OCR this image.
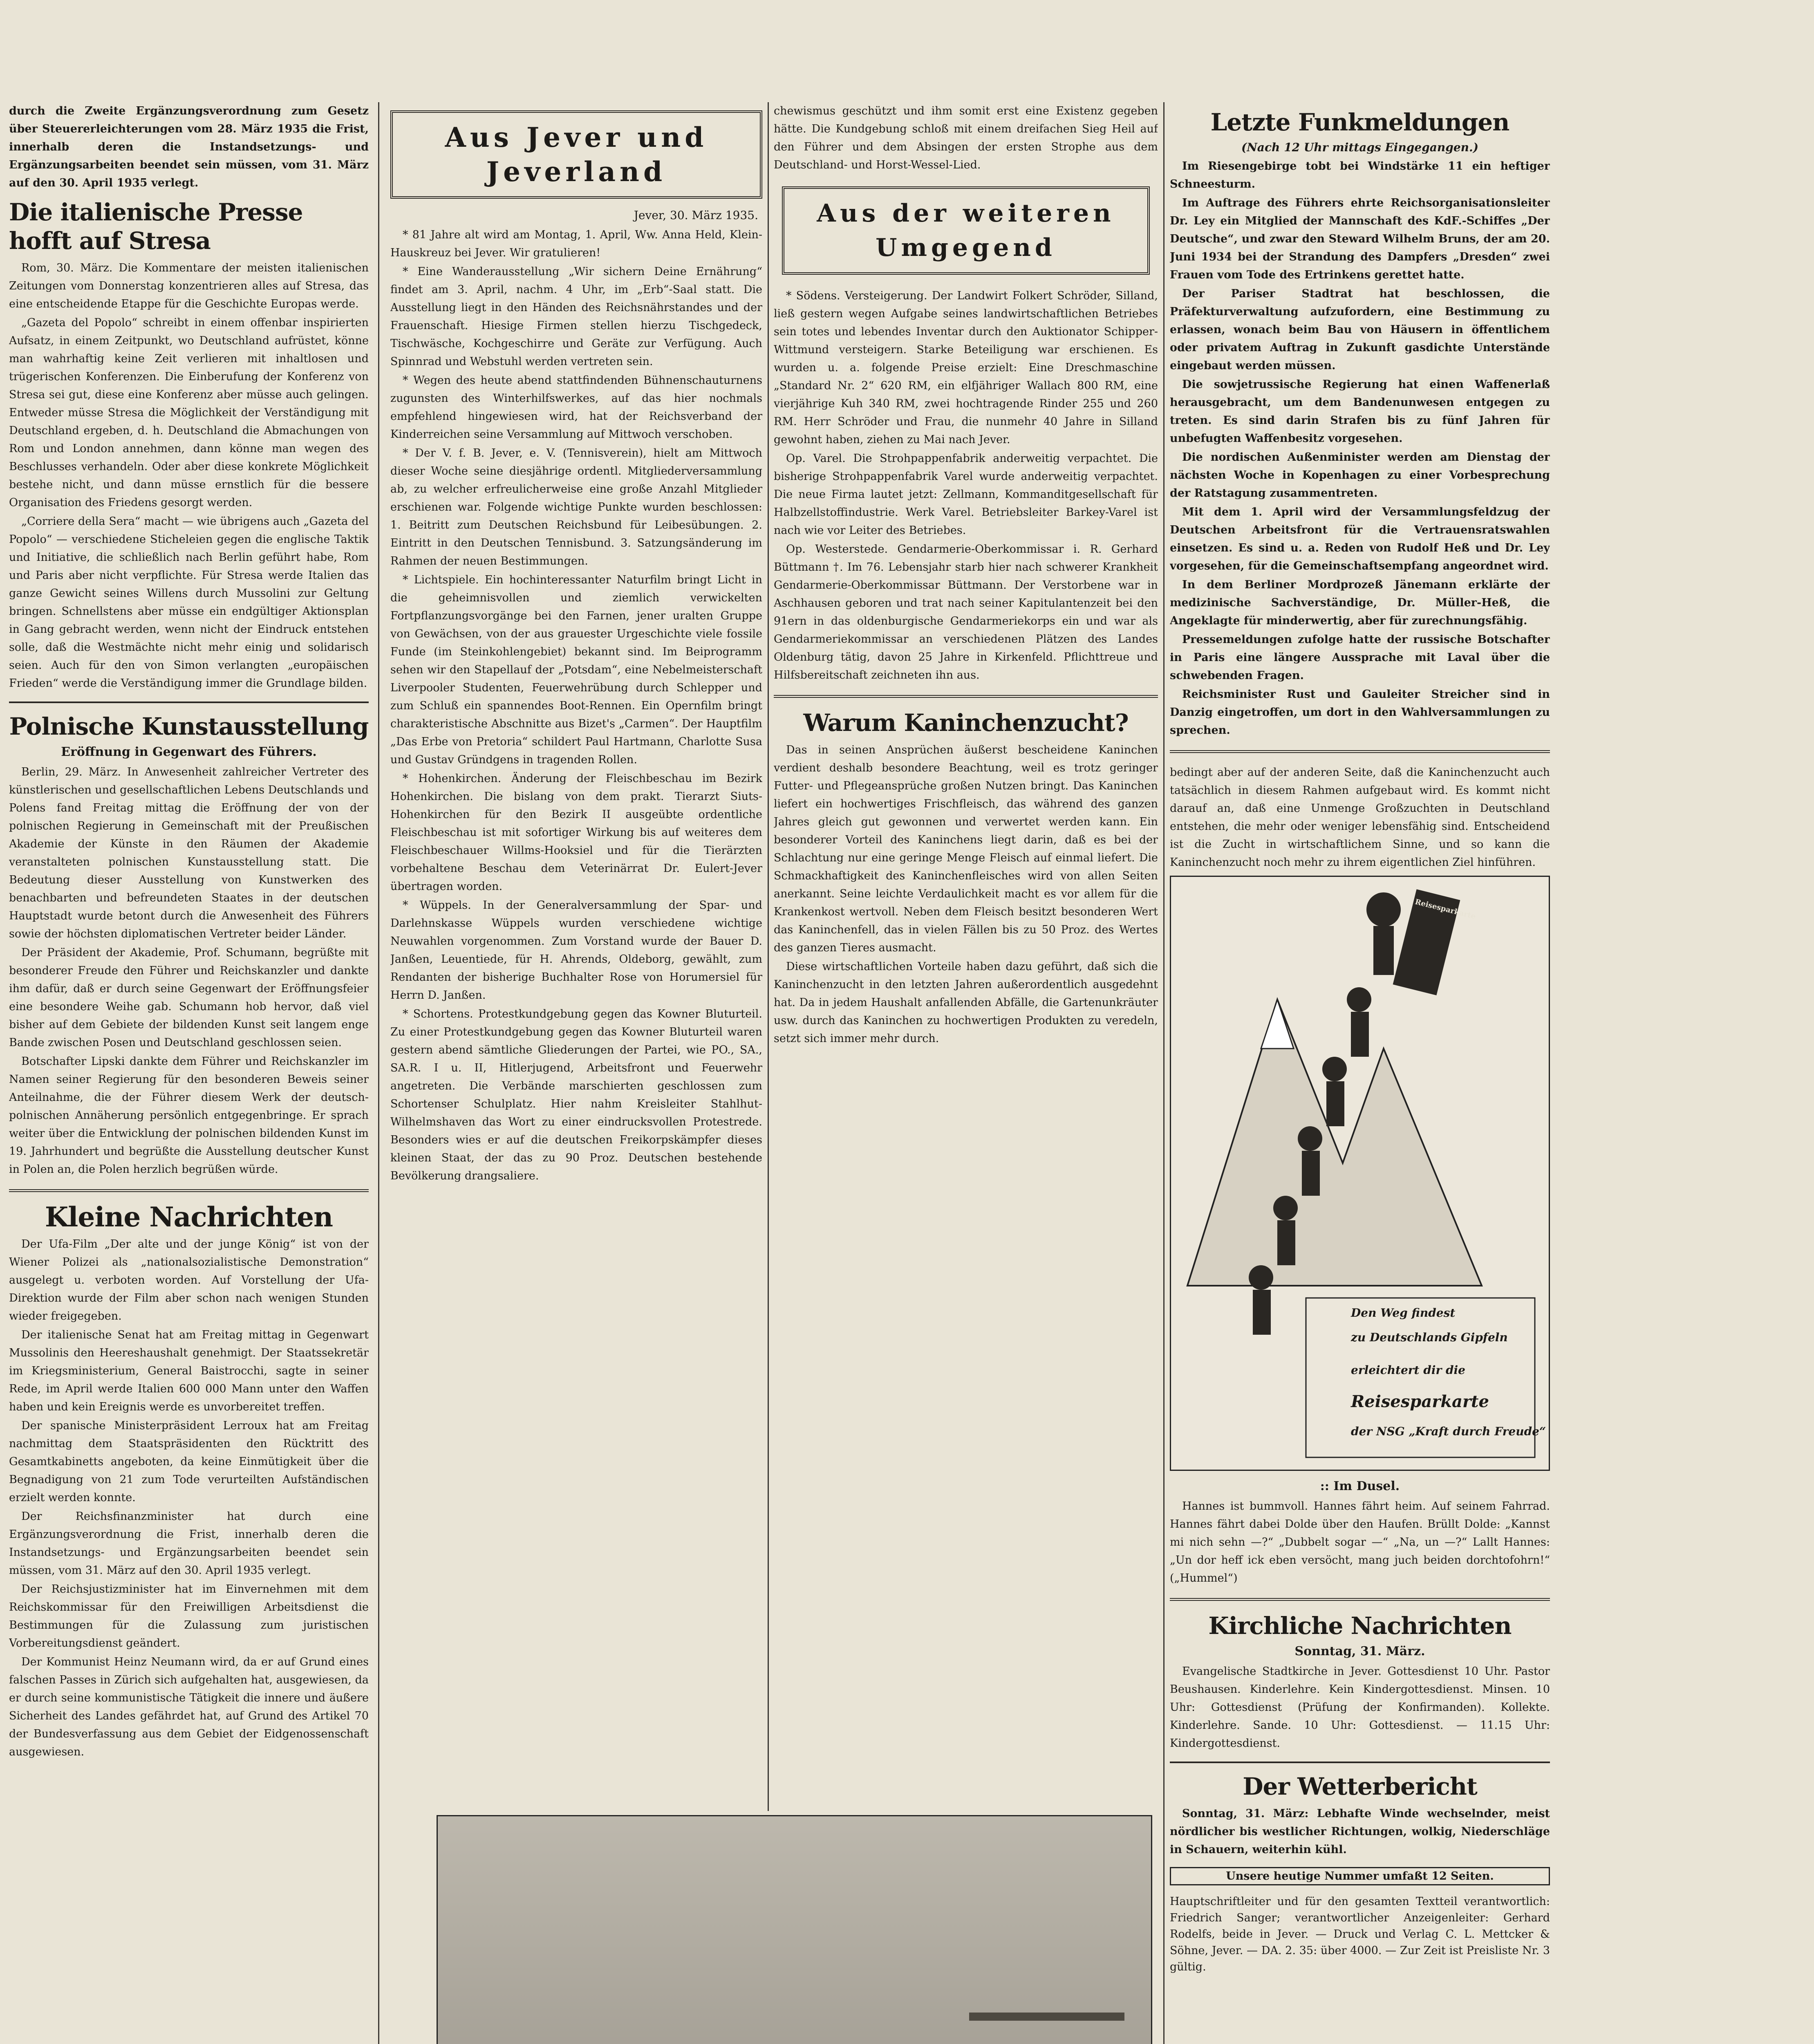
durch die Zweite Ergänzungsverordnung zum Gesetz über Steuererleichterungen vom 28. März 1935 die Frist, innerhalb deren die Instandsetzungs- und Ergänzungsarbeiten beendet sein müssen, vom 31. März auf den 30. April 1935 verlegt.

Die italienische Presse hofft auf Stresa

Rom, 30. März. Die Kommentare der meisten italienischen Zeitungen vom Donnerstag konzentrieren alles auf Stresa, das eine entscheidende Etappe für die Geschichte Europas werde.

„Gazeta del Popolo“ schreibt in einem offenbar inspirierten Aufsatz, in einem Zeitpunkt, wo Deutschland aufrüstet, könne man wahrhaftig keine Zeit verlieren mit inhaltlosen und trügerischen Konferenzen. Die Einberufung der Konferenz von Stresa sei gut, diese eine Konferenz aber müsse auch gelingen. Entweder müsse Stresa die Möglichkeit der Verständigung mit Deutschland ergeben, d. h. Deutschland die Abmachungen von Rom und London annehmen, dann könne man wegen des Beschlusses verhandeln. Oder aber diese konkrete Möglichkeit bestehe nicht, und dann müsse ernstlich für die bessere Organisation des Friedens gesorgt werden.

„Corriere della Sera“ macht — wie übrigens auch „Gazeta del Popolo“ — verschiedene Sticheleien gegen die englische Taktik und Initiative, die schließlich nach Berlin geführt habe, Rom und Paris aber nicht verpflichte. Für Stresa werde Italien das ganze Gewicht seines Willens durch Mussolini zur Geltung bringen. Schnellstens aber müsse ein endgültiger Aktionsplan in Gang gebracht werden, wenn nicht der Eindruck entstehen solle, daß die Westmächte nicht mehr einig und solidarisch seien. Auch für den von Simon verlangten „europäischen Frieden“ werde die Verständigung immer die Grundlage bilden.

Polnische Kunstausstellung
Eröffnung in Gegenwart des Führers.

Berlin, 29. März. In Anwesenheit zahlreicher Vertreter des künstlerischen und gesellschaftlichen Lebens Deutschlands und Polens fand Freitag mittag die Eröffnung der von der polnischen Regierung in Gemeinschaft mit der Preußischen Akademie der Künste in den Räumen der Akademie veranstalteten polnischen Kunstausstellung statt. Die Bedeutung dieser Ausstellung von Kunstwerken des benachbarten und befreundeten Staates in der deutschen Hauptstadt wurde betont durch die Anwesenheit des Führers sowie der höchsten diplomatischen Vertreter beider Länder.

Der Präsident der Akademie, Prof. Schumann, begrüßte mit besonderer Freude den Führer und Reichskanzler und dankte ihm dafür, daß er durch seine Gegenwart der Eröffnungsfeier eine besondere Weihe gab. Schumann hob hervor, daß viel bisher auf dem Gebiete der bildenden Kunst seit langem enge Bande zwischen Posen und Deutschland geschlossen seien.

Botschafter Lipski dankte dem Führer und Reichskanzler im Namen seiner Regierung für den besonderen Beweis seiner Anteilnahme, die der Führer diesem Werk der deutsch-polnischen Annäherung persönlich entgegenbringe. Er sprach weiter über die Entwicklung der polnischen bildenden Kunst im 19. Jahrhundert und begrüßte die Ausstellung deutscher Kunst in Polen an, die Polen herzlich begrüßen würde.

Kleine Nachrichten

Der Ufa-Film „Der alte und der junge König“ ist von der Wiener Polizei als „nationalsozialistische Demonstration“ ausgelegt u. verboten worden. Auf Vorstellung der Ufa-Direktion wurde der Film aber schon nach wenigen Stunden wieder freigegeben.

Der italienische Senat hat am Freitag mittag in Gegenwart Mussolinis den Heereshaushalt genehmigt. Der Staatssekretär im Kriegsministerium, General Baistrocchi, sagte in seiner Rede, im April werde Italien 600 000 Mann unter den Waffen haben und kein Ereignis werde es unvorbereitet treffen.

Der spanische Ministerpräsident Lerroux hat am Freitag nachmittag dem Staatspräsidenten den Rücktritt des Gesamtkabinetts angeboten, da keine Einmütigkeit über die Begnadigung von 21 zum Tode verurteilten Aufständischen erzielt werden konnte.

Der Reichsfinanzminister hat durch eine Ergänzungsverordnung die Frist, innerhalb deren die Instandsetzungs- und Ergänzungsarbeiten beendet sein müssen, vom 31. März auf den 30. April 1935 verlegt.

Der Reichsjustizminister hat im Einvernehmen mit dem Reichskommissar für den Freiwilligen Arbeitsdienst die Bestimmungen für die Zulassung zum juristischen Vorbereitungsdienst geändert.

Der Kommunist Heinz Neumann wird, da er auf Grund eines falschen Passes in Zürich sich aufgehalten hat, ausgewiesen, da er durch seine kommunistische Tätigkeit die innere und äußere Sicherheit des Landes gefährdet hat, auf Grund des Artikel 70 der Bundesverfassung aus dem Gebiet der Eidgenossenschaft ausgewiesen.

Aus Jever und Jeverland
Jever, 30. März 1935.

* 81 Jahre alt wird am Montag, 1. April, Ww. Anna Held, Klein-Hauskreuz bei Jever. Wir gratulieren!

* Eine Wanderausstellung „Wir sichern Deine Ernährung“ findet am 3. April, nachm. 4 Uhr, im „Erb“-Saal statt. Die Ausstellung liegt in den Händen des Reichsnährstandes und der Frauenschaft. Hiesige Firmen stellen hierzu Tischgedeck, Tischwäsche, Kochgeschirre und Geräte zur Verfügung. Auch Spinnrad und Webstuhl werden vertreten sein.

* Wegen des heute abend stattfindenden Bühnenschauturnens zugunsten des Winterhilfswerkes, auf das hier nochmals empfehlend hingewiesen wird, hat der Reichsverband der Kinderreichen seine Versammlung auf Mittwoch verschoben.

* Der V. f. B. Jever, e. V. (Tennisverein), hielt am Mittwoch dieser Woche seine diesjährige ordentl. Mitgliederversammlung ab, zu welcher erfreulicherweise eine große Anzahl Mitglieder erschienen war. Folgende wichtige Punkte wurden beschlossen: 1. Beitritt zum Deutschen Reichsbund für Leibesübungen. 2. Eintritt in den Deutschen Tennisbund. 3. Satzungsänderung im Rahmen der neuen Bestimmungen.

* Lichtspiele. Ein hochinteressanter Naturfilm bringt Licht in die geheimnisvollen und ziemlich verwickelten Fortpflanzungsvorgänge bei den Farnen, jener uralten Gruppe von Gewächsen, von der aus grauester Urgeschichte viele fossile Funde (im Steinkohlengebiet) bekannt sind. Im Beiprogramm sehen wir den Stapellauf der „Potsdam“, eine Nebelmeisterschaft Liverpooler Studenten, Feuerwehrübung durch Schlepper und zum Schluß ein spannendes Boot-Rennen. Ein Opernfilm bringt charakteristische Abschnitte aus Bizet's „Carmen“. Der Hauptfilm „Das Erbe von Pretoria“ schildert Paul Hartmann, Charlotte Susa und Gustav Gründgens in tragenden Rollen.

* Hohenkirchen. Änderung der Fleischbeschau im Bezirk Hohenkirchen. Die bislang von dem prakt. Tierarzt Siuts-Hohenkirchen für den Bezirk II ausgeübte ordentliche Fleischbeschau ist mit sofortiger Wirkung bis auf weiteres dem Fleischbeschauer Willms-Hooksiel und für die Tierärzten vorbehaltene Beschau dem Veterinärrat Dr. Eulert-Jever übertragen worden.

* Wüppels. In der Generalversammlung der Spar- und Darlehnskasse Wüppels wurden verschiedene wichtige Neuwahlen vorgenommen. Zum Vorstand wurde der Bauer D. Janßen, Leuentiede, für H. Ahrends, Oldeborg, gewählt, zum Rendanten der bisherige Buchhalter Rose von Horumersiel für Herrn D. Janßen.

* Schortens. Protestkundgebung gegen das Kowner Bluturteil. Zu einer Protestkundgebung gegen das Kowner Bluturteil waren gestern abend sämtliche Gliederungen der Partei, wie PO., SA., SA.R. I u. II, Hitlerjugend, Arbeitsfront und Feuerwehr angetreten. Die Verbände marschierten geschlossen zum Schortenser Schulplatz. Hier nahm Kreisleiter Stahlhut-Wilhelmshaven das Wort zu einer eindrucksvollen Protestrede. Besonders wies er auf die deutschen Freikorpskämpfer dieses kleinen Staat, der das zu 90 Proz. Deutschen bestehende Bevölkerung drangsaliere.

chewismus geschützt und ihm somit erst eine Existenz gegeben hätte. Die Kundgebung schloß mit einem dreifachen Sieg Heil auf den Führer und dem Absingen der ersten Strophe aus dem Deutschland- und Horst-Wessel-Lied.

Aus der weiteren Umgegend

* Södens. Versteigerung. Der Landwirt Folkert Schröder, Silland, ließ gestern wegen Aufgabe seines landwirtschaftlichen Betriebes sein totes und lebendes Inventar durch den Auktionator Schipper-Wittmund versteigern. Starke Beteiligung war erschienen. Es wurden u. a. folgende Preise erzielt: Eine Dreschmaschine „Standard Nr. 2“ 620 RM, ein elfjähriger Wallach 800 RM, eine vierjährige Kuh 340 RM, zwei hochtragende Rinder 255 und 260 RM. Herr Schröder und Frau, die nunmehr 40 Jahre in Silland gewohnt haben, ziehen zu Mai nach Jever.

Op. Varel. Die Strohpappenfabrik anderweitig verpachtet. Die bisherige Strohpappenfabrik Varel wurde anderweitig verpachtet. Die neue Firma lautet jetzt: Zellmann, Kommanditgesellschaft für Halbzellstoffindustrie. Werk Varel. Betriebsleiter Barkey-Varel ist nach wie vor Leiter des Betriebes.

Op. Westerstede. Gendarmerie-Oberkommissar i. R. Gerhard Büttmann †. Im 76. Lebensjahr starb hier nach schwerer Krankheit Gendarmerie-Oberkommissar Büttmann. Der Verstorbene war in Aschhausen geboren und trat nach seiner Kapitulantenzeit bei den 91ern in das oldenburgische Gendarmeriekorps ein und war als Gendarmeriekommissar an verschiedenen Plätzen des Landes Oldenburg tätig, davon 25 Jahre in Kirkenfeld. Pflichttreue und Hilfsbereitschaft zeichneten ihn aus.

Warum Kaninchenzucht?

Das in seinen Ansprüchen äußerst bescheidene Kaninchen verdient deshalb besondere Beachtung, weil es trotz geringer Futter- und Pflegeansprüche großen Nutzen bringt. Das Kaninchen liefert ein hochwertiges Frischfleisch, das während des ganzen Jahres gleich gut gewonnen und verwertet werden kann. Ein besonderer Vorteil des Kaninchens liegt darin, daß es bei der Schlachtung nur eine geringe Menge Fleisch auf einmal liefert. Die Schmackhaftigkeit des Kaninchenfleisches wird von allen Seiten anerkannt. Seine leichte Verdaulichkeit macht es vor allem für die Krankenkost wertvoll. Neben dem Fleisch besitzt besonderen Wert das Kaninchenfell, das in vielen Fällen bis zu 50 Proz. des Wertes des ganzen Tieres ausmacht.

Diese wirtschaftlichen Vorteile haben dazu geführt, daß sich die Kaninchenzucht in den letzten Jahren außerordentlich ausgedehnt hat. Da in jedem Haushalt anfallenden Abfälle, die Gartenunkräuter usw. durch das Kaninchen zu hochwertigen Produkten zu veredeln, setzt sich immer mehr durch.

Letzte Funkmeldungen
(Nach 12 Uhr mittags Eingegangen.)

Im Riesengebirge tobt bei Windstärke 11 ein heftiger Schneesturm.

Im Auftrage des Führers ehrte Reichsorganisationsleiter Dr. Ley ein Mitglied der Mannschaft des KdF.-Schiffes „Der Deutsche“, und zwar den Steward Wilhelm Bruns, der am 20. Juni 1934 bei der Strandung des Dampfers „Dresden“ zwei Frauen vom Tode des Ertrinkens gerettet hatte.

Der Pariser Stadtrat hat beschlossen, die Präfekturverwaltung aufzufordern, eine Bestimmung zu erlassen, wonach beim Bau von Häusern in öffentlichem oder privatem Auftrag in Zukunft gasdichte Unterstände eingebaut werden müssen.

Die sowjetrussische Regierung hat einen Waffenerlaß herausgebracht, um dem Bandenunwesen entgegen zu treten. Es sind darin Strafen bis zu fünf Jahren für unbefugten Waffenbesitz vorgesehen.

Die nordischen Außenminister werden am Dienstag der nächsten Woche in Kopenhagen zu einer Vorbesprechung der Ratstagung zusammentreten.

Mit dem 1. April wird der Versammlungsfeldzug der Deutschen Arbeitsfront für die Vertrauensratswahlen einsetzen. Es sind u. a. Reden von Rudolf Heß und Dr. Ley vorgesehen, für die Gemeinschaftsempfang angeordnet wird.

In dem Berliner Mordprozeß Jänemann erklärte der medizinische Sachverständige, Dr. Müller-Heß, die Angeklagte für minderwertig, aber für zurechnungsfähig.

Pressemeldungen zufolge hatte der russische Botschafter in Paris eine längere Aussprache mit Laval über die schwebenden Fragen.

Reichsminister Rust und Gauleiter Streicher sind in Danzig eingetroffen, um dort in den Wahlversammlungen zu sprechen.

bedingt aber auf der anderen Seite, daß die Kaninchenzucht auch tatsächlich in diesem Rahmen aufgebaut wird. Es kommt nicht darauf an, daß eine Unmenge Großzuchten in Deutschland entstehen, die mehr oder weniger lebensfähig sind. Entscheidend ist die Zucht in wirtschaftlichem Sinne, und so kann die Kaninchenzucht noch mehr zu ihrem eigentlichen Ziel hinführen.

Den Weg findest
zu Deutschlands Gipfeln
erleichtert dir die
Reisesparkarte
der NSG „Kraft durch Freude“
Reisesparkarte
:: Im Dusel.

Hannes ist bummvoll. Hannes fährt heim. Auf seinem Fahrrad. Hannes fährt dabei Dolde über den Haufen. Brüllt Dolde: „Kannst mi nich sehn —?“ „Dubbelt sogar —“ „Na, un —?“ Lallt Hannes: „Un dor heff ick eben versöcht, mang juch beiden dorchtofohrn!“ („Hummel“)

Kirchliche Nachrichten
Sonntag, 31. März.

Evangelische Stadtkirche in Jever. Gottesdienst 10 Uhr. Pastor Beushausen. Kinderlehre. Kein Kindergottesdienst. Minsen. 10 Uhr: Gottesdienst (Prüfung der Konfirmanden). Kollekte. Kinderlehre. Sande. 10 Uhr: Gottesdienst. — 11.15 Uhr: Kindergottesdienst.

Der Wetterbericht

Sonntag, 31. März: Lebhafte Winde wechselnder, meist nördlicher bis westlicher Richtungen, wolkig, Niederschläge in Schauern, weiterhin kühl.

Unsere heutige Nummer umfaßt 12 Seiten.
Hauptschriftleiter und für den gesamten Textteil verantwortlich: Friedrich Sanger; verantwortlicher Anzeigenleiter: Gerhard Rodelfs, beide in Jever. — Druck und Verlag C. L. Mettcker & Söhne, Jever. — DA. 2. 35: über 4000. — Zur Zeit ist Preisliste Nr. 3 gültig.
